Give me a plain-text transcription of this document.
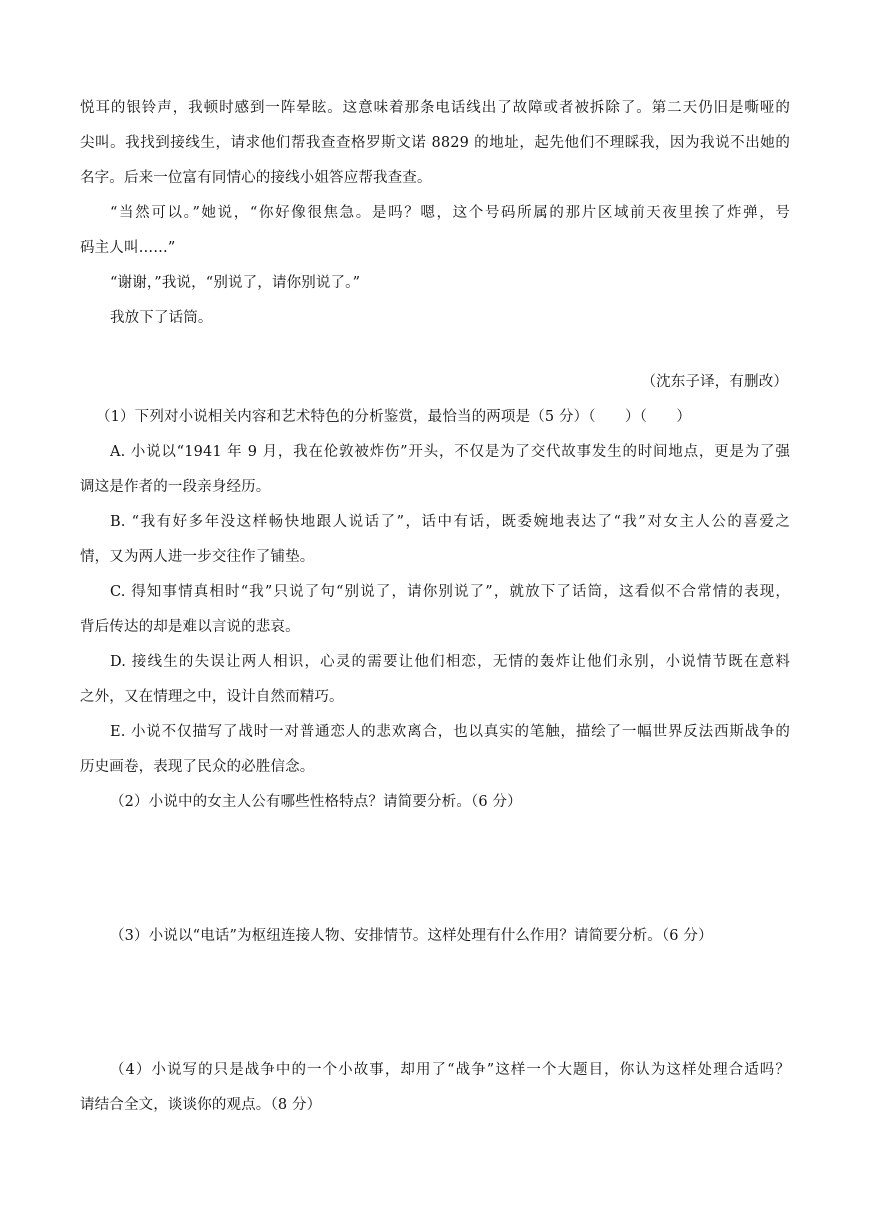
悦耳的银铃声，我顿时感到一阵晕眩。这意味着那条电话线出了故障或者被拆除了。第二天仍旧是嘶哑的
尖叫。我找到接线生，请求他们帮我查查格罗斯文诺 8829 的地址，起先他们不理睬我，因为我说不出她的
名字。后来一位富有同情心的接线小姐答应帮我查查。
“当然可以。”她说，“你好像很焦急。是吗？嗯，这个号码所属的那片区域前天夜里挨了炸弹，号
码主人叫……”
“谢谢，”我说，“别说了，请你别说了。”
我放下了话筒。
（沈东子译，有删改）
（1）下列对小说相关内容和艺术特色的分析鉴赏，最恰当的两项是（5 分）（　　）（　　）
A. 小说以“1941 年 9 月，我在伦敦被炸伤”开头，不仅是为了交代故事发生的时间地点，更是为了强
调这是作者的一段亲身经历。
B. “我有好多年没这样畅快地跟人说话了”，话中有话，既委婉地表达了“我”对女主人公的喜爱之
情，又为两人进一步交往作了铺垫。
C. 得知事情真相时“我”只说了句“别说了，请你别说了”，就放下了话筒，这看似不合常情的表现，
背后传达的却是难以言说的悲哀。
D. 接线生的失误让两人相识，心灵的需要让他们相恋，无情的轰炸让他们永别，小说情节既在意料
之外，又在情理之中，设计自然而精巧。
E. 小说不仅描写了战时一对普通恋人的悲欢离合，也以真实的笔触，描绘了一幅世界反法西斯战争的
历史画卷，表现了民众的必胜信念。
（2）小说中的女主人公有哪些性格特点？请简要分析。（6 分）
（3）小说以“电话”为枢纽连接人物、安排情节。这样处理有什么作用？请简要分析。（6 分）
（4）小说写的只是战争中的一个小故事，却用了“战争”这样一个大题目，你认为这样处理合适吗？
请结合全文，谈谈你的观点。（8 分）
